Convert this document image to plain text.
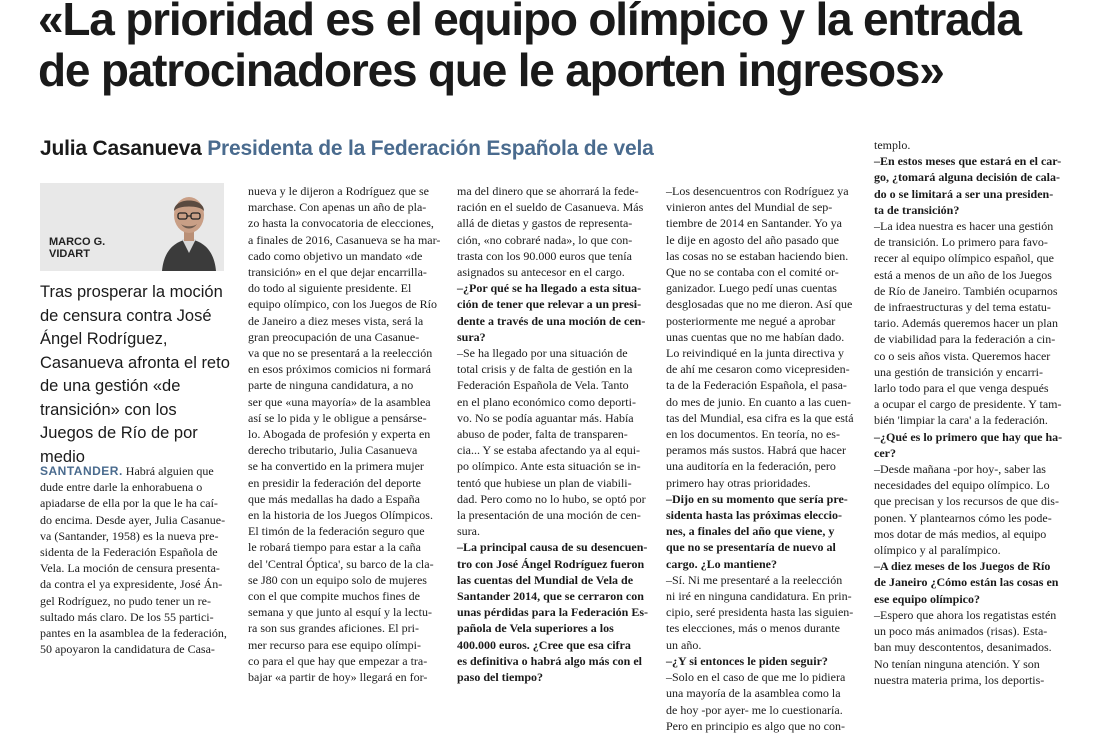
«La prioridad es el equipo olímpico y la entrada
de patrocinadores que le aporten ingresos»
Julia Casanueva Presidenta de la Federación Española de vela
MARCO G. VIDART
Tras prosperar la moción de censura contra José Ángel Rodríguez, Casanueva afronta el reto de una gestión «de transición» con los Juegos de Río de por medio
SANTANDER. Habrá alguien que
dude entre darle la enhorabuena o
apiadarse de ella por la que le ha caí-
do encima. Desde ayer, Julia Casanue-
va (Santander, 1958) es la nueva pre-
sidenta de la Federación Española de
Vela. La moción de censura presenta-
da contra el ya expresidente, José Án-
gel Rodríguez, no pudo tener un re-
sultado más claro. De los 55 partici-
pantes en la asamblea de la federación,
50 apoyaron la candidatura de Casa-
nueva y le dijeron a Rodríguez que se
marchase. Con apenas un año de pla-
zo hasta la convocatoria de elecciones,
a finales de 2016, Casanueva se ha mar-
cado como objetivo un mandato «de
transición» en el que dejar encarrilla-
do todo al siguiente presidente. El
equipo olímpico, con los Juegos de Río
de Janeiro a diez meses vista, será la
gran preocupación de una Casanue-
va que no se presentará a la reelección
en esos próximos comicios ni formará
parte de ninguna candidatura, a no
ser que «una mayoría» de la asamblea
así se lo pida y le obligue a pensárse-
lo. Abogada de profesión y experta en
derecho tributario, Julia Casanueva
se ha convertido en la primera mujer
en presidir la federación del deporte
que más medallas ha dado a España
en la historia de los Juegos Olímpicos.
El timón de la federación seguro que
le robará tiempo para estar a la caña
del 'Central Óptica', su barco de la cla-
se J80 con un equipo solo de mujeres
con el que compite muchos fines de
semana y que junto al esquí y la lectu-
ra son sus grandes aficiones. El pri-
mer recurso para ese equipo olímpi-
co para el que hay que empezar a tra-
bajar «a partir de hoy» llegará en for-
ma del dinero que se ahorrará la fede-
ración en el sueldo de Casanueva. Más
allá de dietas y gastos de representa-
ción, «no cobraré nada», lo que con-
trasta con los 90.000 euros que tenía
asignados su antecesor en el cargo.
–¿Por qué se ha llegado a esta situa-
ción de tener que relevar a un presi-
dente a través de una moción de cen-
sura?
–Se ha llegado por una situación de
total crisis y de falta de gestión en la
Federación Española de Vela. Tanto
en el plano económico como deporti-
vo. No se podía aguantar más. Había
abuso de poder, falta de transparen-
cia... Y se estaba afectando ya al equi-
po olímpico. Ante esta situación se in-
tentó que hubiese un plan de viabili-
dad. Pero como no lo hubo, se optó por
la presentación de una moción de cen-
sura.
–La principal causa de su desencuen-
tro con José Ángel Rodríguez fueron
las cuentas del Mundial de Vela de
Santander 2014, que se cerraron con
unas pérdidas para la Federación Es-
pañola de Vela superiores a los
400.000 euros. ¿Cree que esa cifra
es definitiva o habrá algo más con el
paso del tiempo?
–Los desencuentros con Rodríguez ya
vinieron antes del Mundial de sep-
tiembre de 2014 en Santander. Yo ya
le dije en agosto del año pasado que
las cosas no se estaban haciendo bien.
Que no se contaba con el comité or-
ganizador. Luego pedí unas cuentas
desglosadas que no me dieron. Así que
posteriormente me negué a aprobar
unas cuentas que no me habían dado.
Lo reivindiqué en la junta directiva y
de ahí me cesaron como vicepresiden-
ta de la Federación Española, el pasa-
do mes de junio. En cuanto a las cuen-
tas del Mundial, esa cifra es la que está
en los documentos. En teoría, no es-
peramos más sustos. Habrá que hacer
una auditoría en la federación, pero
primero hay otras prioridades.
–Dijo en su momento que sería pre-
sidenta hasta las próximas eleccio-
nes, a finales del año que viene, y
que no se presentaría de nuevo al
cargo. ¿Lo mantiene?
–Sí. Ni me presentaré a la reelección
ni iré en ninguna candidatura. En prin-
cipio, seré presidenta hasta las siguien-
tes elecciones, más o menos durante
un año.
–¿Y si entonces le piden seguir?
–Solo en el caso de que me lo pidiera
una mayoría de la asamblea como la
de hoy -por ayer- me lo cuestionaría.
Pero en principio es algo que no con-
templo.
–En estos meses que estará en el car-
go, ¿tomará alguna decisión de cala-
do o se limitará a ser una presiden-
ta de transición?
–La idea nuestra es hacer una gestión
de transición. Lo primero para favo-
recer al equipo olímpico español, que
está a menos de un año de los Juegos
de Río de Janeiro. También ocuparnos
de infraestructuras y del tema estatu-
tario. Además queremos hacer un plan
de viabilidad para la federación a cin-
co o seis años vista. Queremos hacer
una gestión de transición y encarri-
larlo todo para el que venga después
a ocupar el cargo de presidente. Y tam-
bién 'limpiar la cara' a la federación.
–¿Qué es lo primero que hay que ha-
cer?
–Desde mañana -por hoy-, saber las
necesidades del equipo olímpico. Lo
que precisan y los recursos de que dis-
ponen. Y plantearnos cómo les pode-
mos dotar de más medios, al equipo
olímpico y al paralímpico.
–A diez meses de los Juegos de Río
de Janeiro ¿Cómo están las cosas en
ese equipo olímpico?
–Espero que ahora los regatistas estén
un poco más animados (risas). Esta-
ban muy descontentos, desanimados.
No tenían ninguna atención. Y son
nuestra materia prima, los deportis-
